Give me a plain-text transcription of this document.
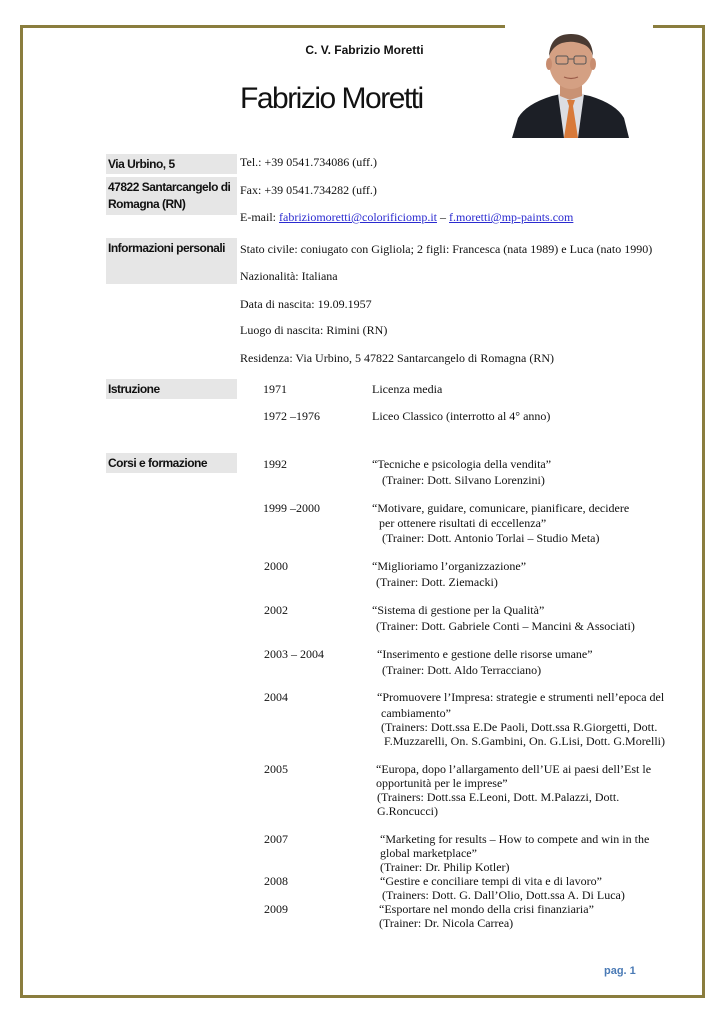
C. V. Fabrizio Moretti
Fabrizio Moretti
Via Urbino, 5
47822 Santarcangelo di Romagna (RN)
Tel.: +39 0541.734086 (uff.)
Fax: +39 0541.734282 (uff.)
E-mail: fabriziomoretti@colorificiomp.it – f.moretti@mp-paints.com
Informazioni personali	Stato civile: coniugato con Gigliola; 2 figli: Francesca (nata 1989) e Luca (nato 1990)
Nazionalità: Italiana
Data di nascita: 19.09.1957
Luogo di nascita: Rimini (RN)
Residenza: Via Urbino, 5 47822 Santarcangelo di Romagna (RN)
Istruzione	1971	Licenza media
1972 –1976	Liceo Classico (interrotto al 4° anno)
Corsi e formazione	1992	“Tecniche e psicologia della vendita”
(Trainer: Dott. Silvano Lorenzini)
1999 –2000	“Motivare, guidare, comunicare, pianificare, decidere
per ottenere risultati di eccellenza”
(Trainer: Dott. Antonio Torlai – Studio Meta)
2000	“Miglioriamo l’organizzazione”
(Trainer: Dott. Ziemacki)
2002	“Sistema di gestione per la Qualità”
(Trainer: Dott. Gabriele Conti – Mancini & Associati)
2003 – 2004	“Inserimento e gestione delle risorse umane”
(Trainer: Dott. Aldo Terracciano)
2004	“Promuovere l’Impresa: strategie e strumenti nell’epoca del
cambiamento”
(Trainers: Dott.ssa E.De Paoli, Dott.ssa R.Giorgetti, Dott.
F.Muzzarelli, On. S.Gambini, On. G.Lisi, Dott. G.Morelli)
2005	“Europa, dopo l’allargamento dell’UE ai paesi dell’Est le
opportunità per le imprese”
(Trainers: Dott.ssa E.Leoni, Dott. M.Palazzi, Dott.
G.Roncucci)
2007	“Marketing for results – How to compete and win in the
global marketplace”
(Trainer: Dr. Philip Kotler)
2008	“Gestire e conciliare tempi di vita e di lavoro”
(Trainers: Dott. G. Dall’Olio, Dott.ssa A. Di Luca)
2009	“Esportare nel mondo della crisi finanziaria”
(Trainer: Dr. Nicola Carrea)
pag. 1
